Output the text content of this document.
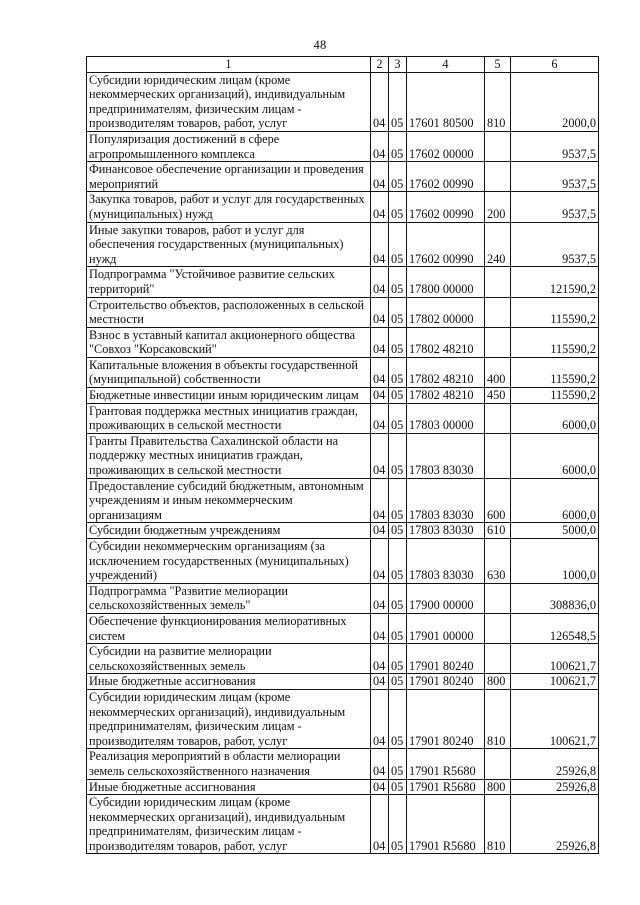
48
1	2	3	4	5	6
Субсидии юридическим лицам (кроме некоммерческих организаций), индивидуальным предпринимателям, физическим лицам - производителям товаров, работ, услуг	04	05	17601 80500	810	2000,0
Популяризация достижений в сфере агропромышленного комплекса	04	05	17602 00000		9537,5
Финансовое обеспечение организации и проведения мероприятий	04	05	17602 00990		9537,5
Закупка товаров, работ и услуг для государственных (муниципальных) нужд	04	05	17602 00990	200	9537,5
Иные закупки товаров, работ и услуг для обеспечения государственных (муниципальных) нужд	04	05	17602 00990	240	9537,5
Подпрограмма "Устойчивое развитие сельских территорий"	04	05	17800 00000		121590,2
Строительство объектов, расположенных в сельской местности	04	05	17802 00000		115590,2
Взнос в уставный капитал акционерного общества "Совхоз "Корсаковский"	04	05	17802 48210		115590,2
Капитальные вложения в объекты государственной (муниципальной) собственности	04	05	17802 48210	400	115590,2
Бюджетные инвестиции иным юридическим лицам	04	05	17802 48210	450	115590,2
Грантовая поддержка местных инициатив граждан, проживающих в сельской местности	04	05	17803 00000		6000,0
Гранты Правительства Сахалинской области на поддержку местных инициатив граждан, проживающих в сельской местности	04	05	17803 83030		6000,0
Предоставление субсидий бюджетным, автономным учреждениям и иным некоммерческим организациям	04	05	17803 83030	600	6000,0
Субсидии бюджетным учреждениям	04	05	17803 83030	610	5000,0
Субсидии некоммерческим организациям (за исключением государственных (муниципальных) учреждений)	04	05	17803 83030	630	1000,0
Подпрограмма "Развитие мелиорации сельскохозяйственных земель"	04	05	17900 00000		308836,0
Обеспечение функционирования мелиоративных систем	04	05	17901 00000		126548,5
Субсидии на развитие мелиорации сельскохозяйственных земель	04	05	17901 80240		100621,7
Иные бюджетные ассигнования	04	05	17901 80240	800	100621,7
Субсидии юридическим лицам (кроме некоммерческих организаций), индивидуальным предпринимателям, физическим лицам - производителям товаров, работ, услуг	04	05	17901 80240	810	100621,7
Реализация мероприятий в области мелиорации земель сельскохозяйственного назначения	04	05	17901 R5680		25926,8
Иные бюджетные ассигнования	04	05	17901 R5680	800	25926,8
Субсидии юридическим лицам (кроме некоммерческих организаций), индивидуальным предпринимателям, физическим лицам - производителям товаров, работ, услуг	04	05	17901 R5680	810	25926,8
